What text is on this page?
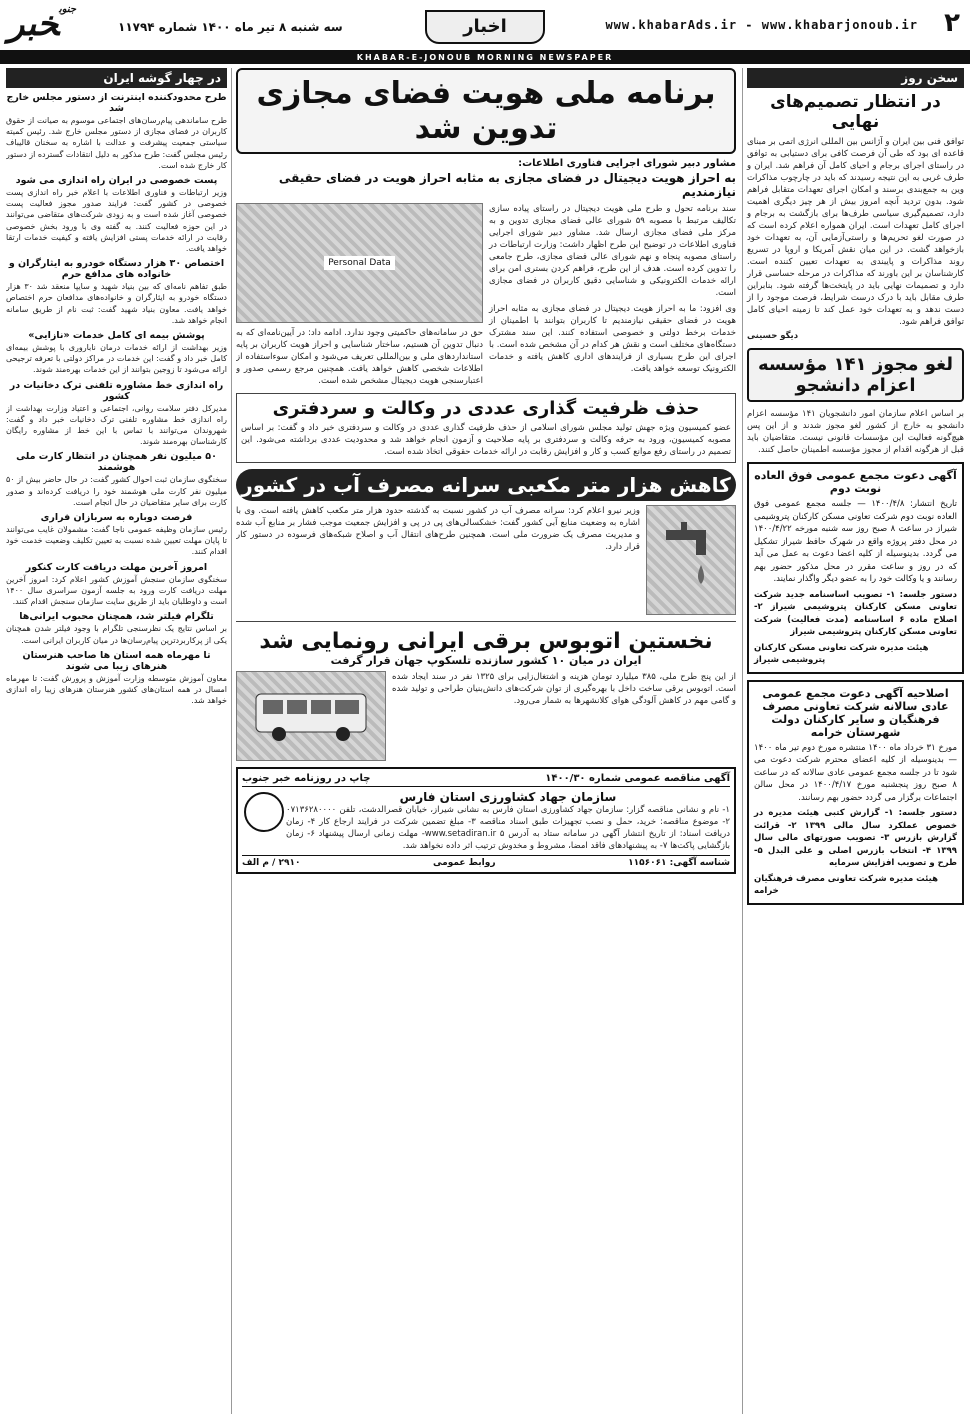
۲
www.khabarAds.ir - www.khabarjonoub.ir
اخبار
سه شنبه ۸ تیر ماه ۱۴۰۰ شماره ۱۱۷۹۴
$^{جنوب}$خبر
KHABAR-E-JONOUB MORNING NEWSPAPER
سخن روز
در انتظار تصمیم‌های نهایی

توافق فنی بین ایران و آژانس بین المللی انرژی اتمی بر مبنای قاعده ای بود که طی آن فرصت کافی برای دستیابی به توافق در راستای اجرای برجام و احیای کامل آن فراهم شد. ایران و طرف غربی به این نتیجه رسیدند که باید در چارچوب مذاکرات وین به جمع‌بندی برسند و امکان اجرای تعهدات متقابل فراهم شود. بدون تردید آنچه امروز بیش از هر چیز دیگری اهمیت دارد، تصمیم‌گیری سیاسی طرف‌ها برای بازگشت به برجام و اجرای کامل تعهدات است. ایران همواره اعلام کرده است که در صورت لغو تحریم‌ها و راستی‌آزمایی آن، به تعهدات خود بازخواهد گشت. در این میان نقش آمریکا و اروپا در تسریع روند مذاکرات و پایبندی به تعهدات تعیین کننده است. کارشناسان بر این باورند که مذاکرات در مرحله حساسی قرار دارد و تصمیمات نهایی باید در پایتخت‌ها گرفته شود. بنابراین طرف مقابل باید با درک درست شرایط، فرصت موجود را از دست ندهد و به تعهدات خود عمل کند تا زمینه احیای کامل توافق فراهم شود.

دیگو حسینی

لغو مجوز ۱۴۱ مؤسسه اعزام دانشجو

بر اساس اعلام سازمان امور دانشجویان ۱۴۱ مؤسسه اعزام دانشجو به خارج از کشور لغو مجوز شدند و از این پس هیچ‌گونه فعالیت این مؤسسات قانونی نیست. متقاضیان باید قبل از هرگونه اقدام از مجوز مؤسسه اطمینان حاصل کنند.

آگهی دعوت مجمع عمومی فوق العاده نوبت دوم

تاریخ انتشار: ۱۴۰۰/۴/۸ — جلسه مجمع عمومی فوق العاده نوبت دوم شرکت تعاونی مسکن کارکنان پتروشیمی شیراز در ساعت ۸ صبح روز سه شنبه مورخه ۱۴۰۰/۴/۲۲ در محل دفتر پروژه واقع در شهرک حافظ شیراز تشکیل می گردد. بدینوسیله از کلیه اعضا دعوت به عمل می آید که در روز و ساعت مقرر در محل مذکور حضور بهم رسانند و یا وکالت خود را به عضو دیگر واگذار نمایند.

دستور جلسه: ۱- تصویب اساسنامه جدید شرکت تعاونی مسکن کارکنان پتروشیمی شیراز ۲- اصلاح ماده ۶ اساسنامه (مدت فعالیت) شرکت تعاونی مسکن کارکنان پتروشیمی شیراز

هیئت مدیره شرکت تعاونی مسکن کارکنان پتروشیمی شیراز

اصلاحیه آگهی دعوت مجمع عمومی عادی سالانه شرکت تعاونی مصرف فرهنگیان و سایر کارکنان دولت شهرستان خرامه

مورخ ۳۱ خرداد ماه ۱۴۰۰ منتشره مورخ دوم تیر ماه ۱۴۰۰ — بدینوسیله از کلیه اعضای محترم شرکت دعوت می شود تا در جلسه مجمع عمومی عادی سالانه که در ساعت ۸ صبح روز پنجشنبه مورخ ۱۴۰۰/۴/۱۷ در محل سالن اجتماعات برگزار می گردد حضور بهم رسانند.

دستور جلسه: ۱- گزارش کتبی هیئت مدیره در خصوص عملکرد سال مالی ۱۳۹۹ ۲- قرائت گزارش بازرس ۳- تصویب صورتهای مالی سال ۱۳۹۹ ۴- انتخاب بازرس اصلی و علی البدل ۵- طرح و تصویب افزایش سرمایه

هیئت مدیره شرکت تعاونی مصرف فرهنگیان خرامه

برنامه ملی هویت فضای مجازی تدوین شد
مشاور دبیر شورای اجرایی فناوری اطلاعات:
به احراز هویت دیجیتال در فضای مجازی به مثابه احراز هویت در فضای حقیقی نیازمندیم

سند برنامه تحول و طرح ملی هویت دیجیتال در راستای پیاده سازی تکالیف مرتبط با مصوبه ۵۹ شورای عالی فضای مجازی تدوین و به مرکز ملی فضای مجازی ارسال شد. مشاور دبیر شورای اجرایی فناوری اطلاعات در توضیح این طرح اظهار داشت: وزارت ارتباطات در راستای مصوبه پنجاه و نهم شورای عالی فضای مجازی، طرح جامعی را تدوین کرده است. هدف از این طرح، فراهم کردن بستری امن برای ارائه خدمات الکترونیکی و شناسایی دقیق کاربران در فضای مجازی است.

وی افزود: ما به احراز هویت دیجیتال در فضای مجازی به مثابه احراز هویت در فضای حقیقی نیازمندیم تا کاربران بتوانند با اطمینان از خدمات برخط دولتی و خصوصی استفاده کنند. این سند مشترک دستگاه‌های مختلف است و نقش هر کدام در آن مشخص شده است. با اجرای این طرح بسیاری از فرایندهای اداری کاهش یافته و خدمات الکترونیک توسعه خواهد یافت.

Personal Data

حق در سامانه‌های حاکمیتی وجود ندارد. ادامه داد: در آیین‌نامه‌ای که به دنبال تدوین آن هستیم، ساختار شناسایی و احراز هویت کاربران بر پایه استانداردهای ملی و بین‌المللی تعریف می‌شود و امکان سوءاستفاده از اطلاعات شخصی کاهش خواهد یافت. همچنین مرجع رسمی صدور و اعتبارسنجی هویت دیجیتال مشخص شده است.

حذف ظرفیت گذاری عددی در وکالت و سردفتری

عضو کمیسیون ویژه جهش تولید مجلس شورای اسلامی از حذف ظرفیت گذاری عددی در وکالت و سردفتری خبر داد و گفت: بر اساس مصوبه کمیسیون، ورود به حرفه وکالت و سردفتری بر پایه صلاحیت و آزمون انجام خواهد شد و محدودیت عددی برداشته می‌شود. این تصمیم در راستای رفع موانع کسب و کار و افزایش رقابت در ارائه خدمات حقوقی اتخاذ شده است.

کاهش هزار متر مکعبی سرانه مصرف آب در کشور

وزیر نیرو اعلام کرد: سرانه مصرف آب در کشور نسبت به گذشته حدود هزار متر مکعب کاهش یافته است. وی با اشاره به وضعیت منابع آبی کشور گفت: خشکسالی‌های پی در پی و افزایش جمعیت موجب فشار بر منابع آب شده و مدیریت مصرف یک ضرورت ملی است. همچنین طرح‌های انتقال آب و اصلاح شبکه‌های فرسوده در دستور کار قرار دارد.

نخستین اتوبوس برقی ایرانی رونمایی شد
ایران در میان ۱۰ کشور سازنده تلسکوپ جهان قرار گرفت

از این پنج طرح ملی، ۳۸۵ میلیارد تومان هزینه و اشتغال‌زایی برای ۱۳۲۵ نفر در سند ایجاد شده است. اتوبوس برقی ساخت داخل با بهره‌گیری از توان شرکت‌های دانش‌بنیان طراحی و تولید شده و گامی مهم در کاهش آلودگی هوای کلانشهرها به شمار می‌رود.

آگهی مناقصه عمومی شماره ۱۴۰۰/۳۰
چاپ در روزنامه خبر جنوب
سازمان جهاد کشاورزی استان فارس

۱- نام و نشانی مناقصه گزار: سازمان جهاد کشاورزی استان فارس به نشانی شیراز، خیابان قصرالدشت، تلفن ۰۷۱۳۶۲۸۰۰۰۰ ۲- موضوع مناقصه: خرید، حمل و نصب تجهیزات طبق اسناد مناقصه ۳- مبلغ تضمین شرکت در فرایند ارجاع کار ۴- زمان دریافت اسناد: از تاریخ انتشار آگهی در سامانه ستاد به آدرس www.setadiran.ir ۵- مهلت زمانی ارسال پیشنهاد ۶- زمان بازگشایی پاکت‌ها ۷- به پیشنهادهای فاقد امضا، مشروط و مخدوش ترتیب اثر داده نخواهد شد.

شناسه آگهی: ۱۱۵۶۰۶۱
روابط عمومی
۲۹۱۰ / م الف
در چهار گوشه ایران
طرح محدودکننده اینترنت از دستور مجلس خارج شد

طرح ساماندهی پیام‌رسان‌های اجتماعی موسوم به صیانت از حقوق کاربران در فضای مجازی از دستور مجلس خارج شد. رئیس کمیته سیاستی جمعیت پیشرفت و عدالت با اشاره به سخنان قالیباف رئیس مجلس گفت: طرح مذکور به دلیل انتقادات گسترده از دستور کار خارج شده است.

پست خصوصی در ایران راه اندازی می شود

وزیر ارتباطات و فناوری اطلاعات با اعلام خبر راه اندازی پست خصوصی در کشور گفت: فرایند صدور مجوز فعالیت پست خصوصی آغاز شده است و به زودی شرکت‌های متقاضی می‌توانند در این حوزه فعالیت کنند. به گفته وی با ورود بخش خصوصی رقابت در ارائه خدمات پستی افزایش یافته و کیفیت خدمات ارتقا خواهد یافت.

اختصاص ۳۰ هزار دستگاه خودرو به ایثارگران و خانواده های مدافع حرم

طبق تفاهم نامه‌ای که بین بنیاد شهید و سایپا منعقد شد ۳۰ هزار دستگاه خودرو به ایثارگران و خانواده‌های مدافعان حرم اختصاص خواهد یافت. معاون بنیاد شهید گفت: ثبت نام از طریق سامانه انجام خواهد شد.

پوشش بیمه ای کامل خدمات «نازایی»

وزیر بهداشت از ارائه خدمات درمان ناباروری با پوشش بیمه‌ای کامل خبر داد و گفت: این خدمات در مراکز دولتی با تعرفه ترجیحی ارائه می‌شود تا زوجین بتوانند از این خدمات بهره‌مند شوند.

راه اندازی خط مشاوره تلفنی ترک دخانیات در کشور

مدیرکل دفتر سلامت روانی، اجتماعی و اعتیاد وزارت بهداشت از راه اندازی خط مشاوره تلفنی ترک دخانیات خبر داد و گفت: شهروندان می‌توانند با تماس با این خط از مشاوره رایگان کارشناسان بهره‌مند شوند.

۵۰ میلیون نفر همچنان در انتظار کارت ملی هوشمند

سخنگوی سازمان ثبت احوال کشور گفت: در حال حاضر بیش از ۵۰ میلیون نفر کارت ملی هوشمند خود را دریافت کرده‌اند و صدور کارت برای سایر متقاضیان در حال انجام است.

فرصت دوباره به سربازان فراری

رئیس سازمان وظیفه عمومی ناجا گفت: مشمولان غایب می‌توانند تا پایان مهلت تعیین شده نسبت به تعیین تکلیف وضعیت خدمت خود اقدام کنند.

امروز آخرین مهلت دریافت کارت کنکور

سخنگوی سازمان سنجش آموزش کشور اعلام کرد: امروز آخرین مهلت دریافت کارت ورود به جلسه آزمون سراسری سال ۱۴۰۰ است و داوطلبان باید از طریق سایت سازمان سنجش اقدام کنند.

تلگرام فیلتر شد، همچنان محبوب ایرانی‌ها

بر اساس نتایج یک نظرسنجی تلگرام با وجود فیلتر شدن همچنان یکی از پرکاربردترین پیام‌رسان‌ها در میان کاربران ایرانی است.

تا مهرماه همه استان ها صاحب هنرستان هنرهای زیبا می شوند

معاون آموزش متوسطه وزارت آموزش و پرورش گفت: تا مهرماه امسال در همه استان‌های کشور هنرستان هنرهای زیبا راه اندازی خواهد شد.
